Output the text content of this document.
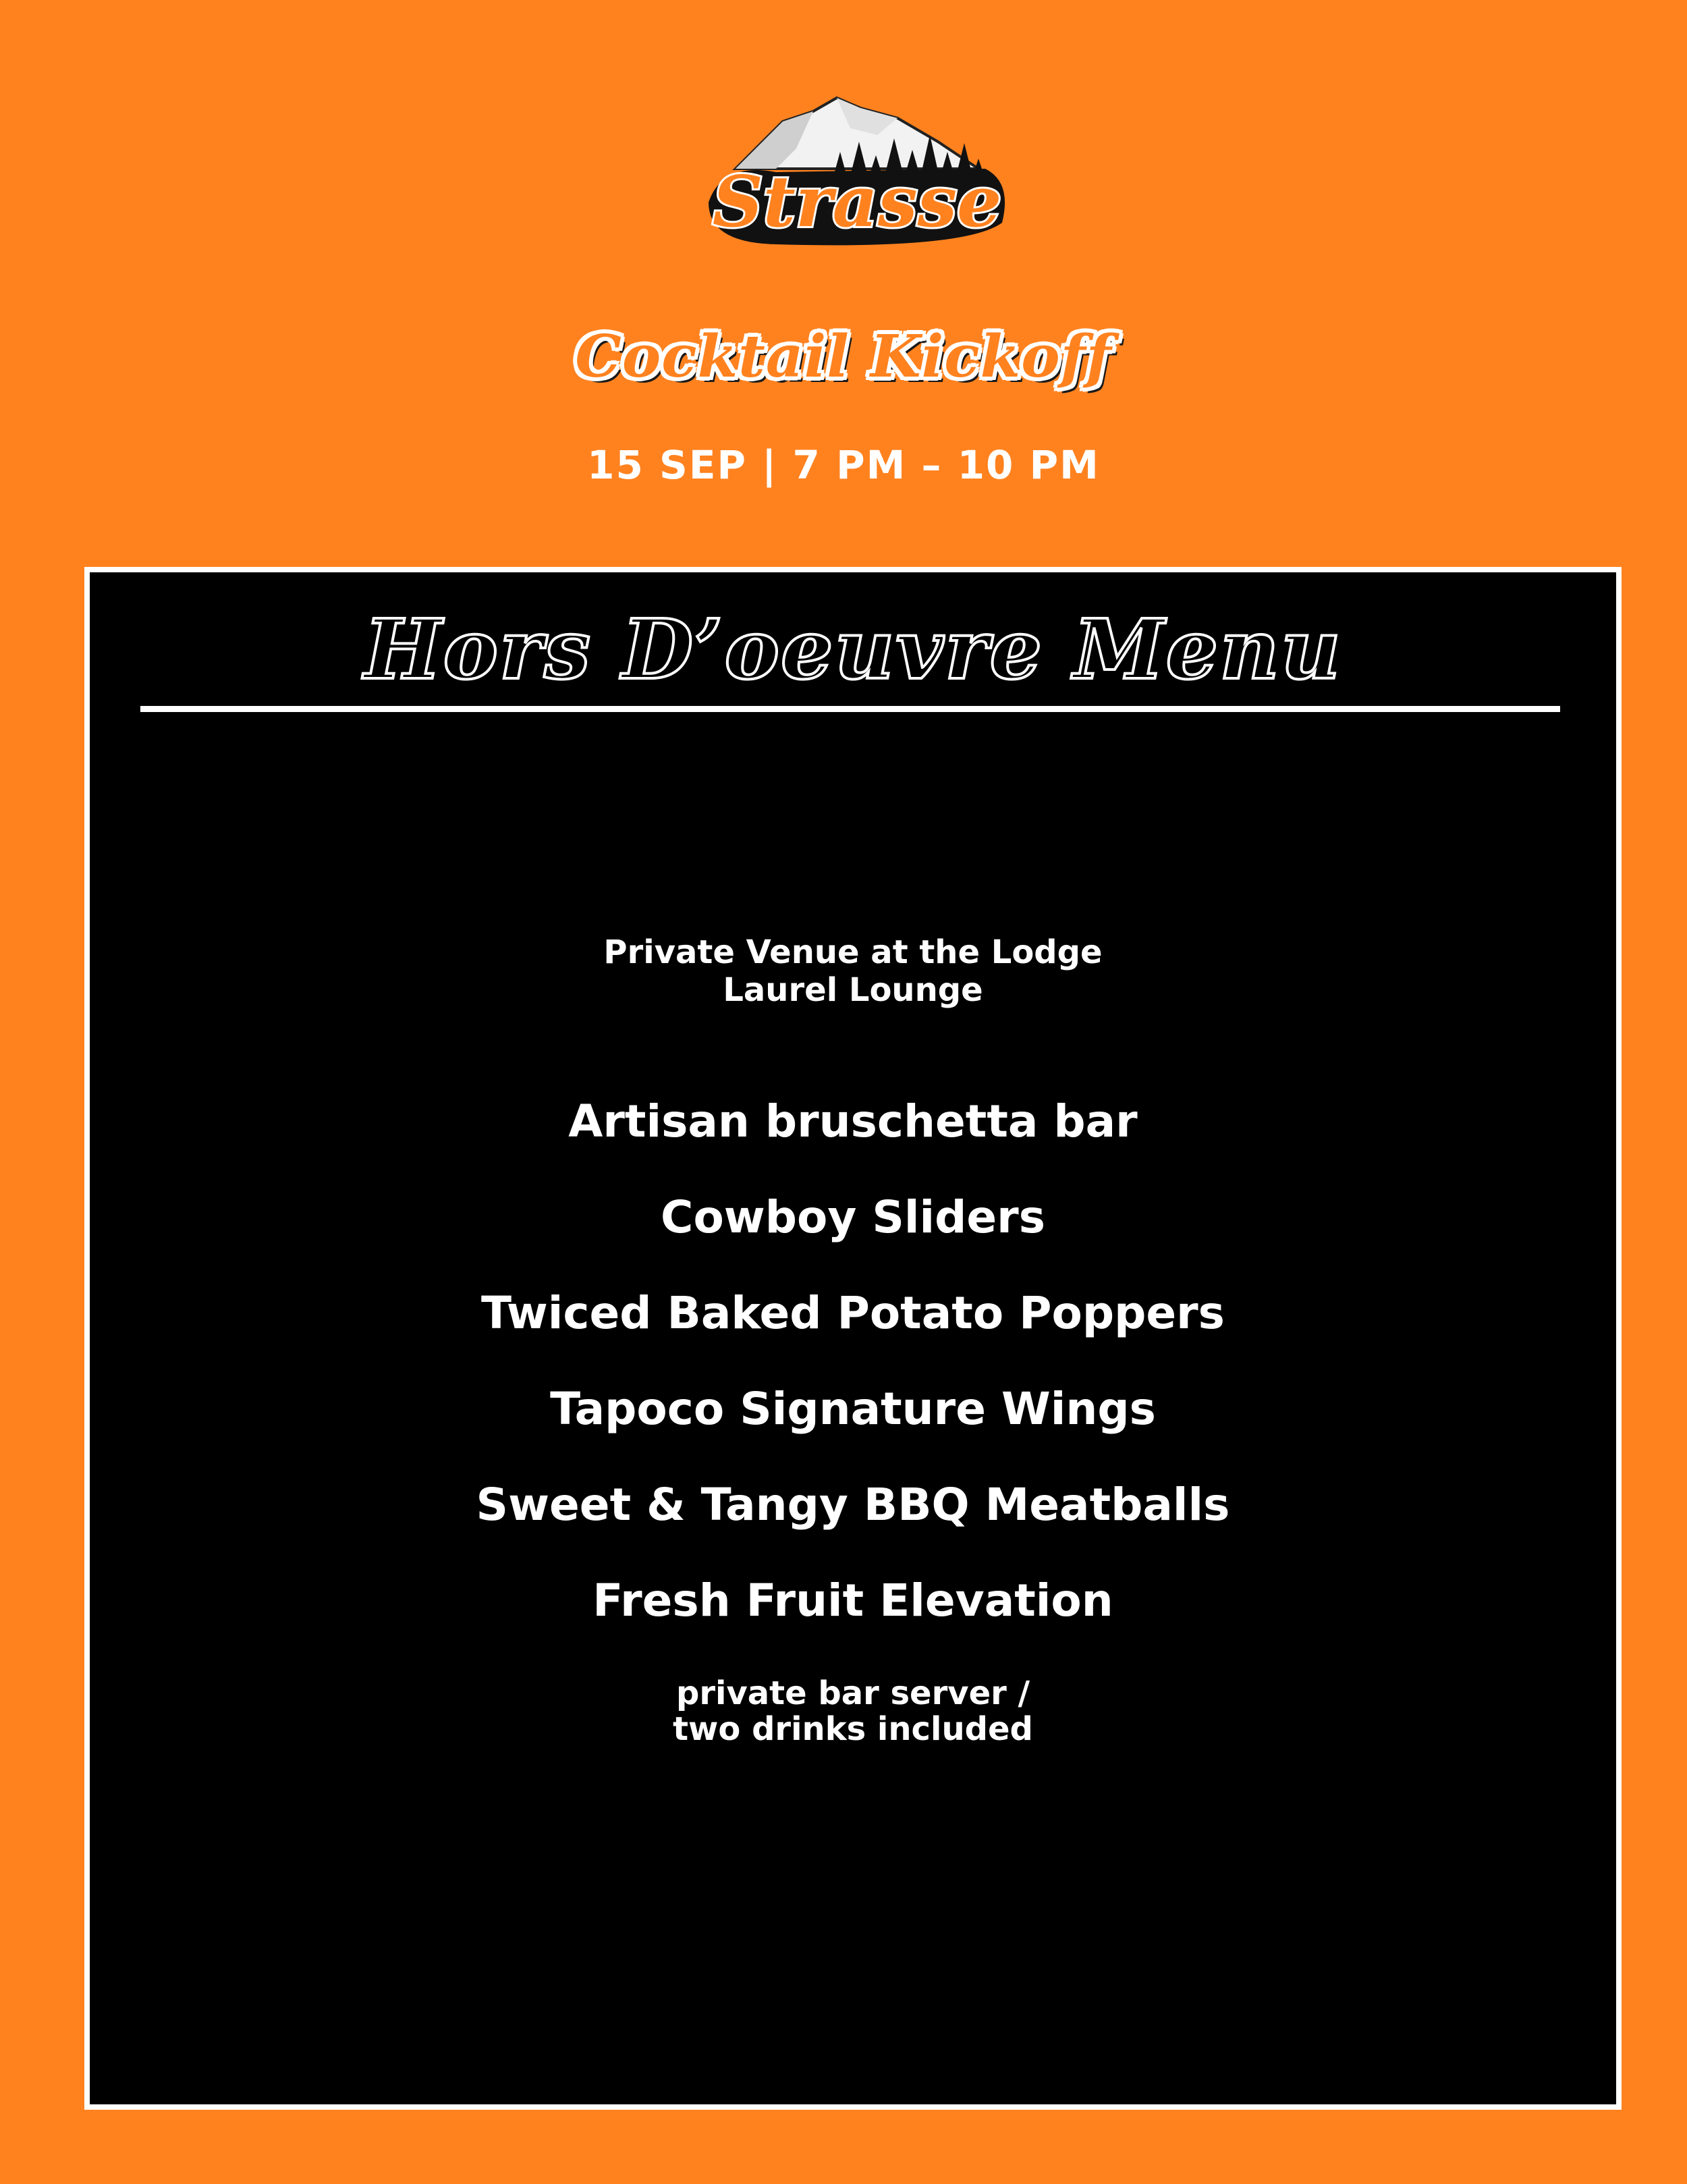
Strasse
Cocktail Kickoff
15 SEP | 7 PM – 10 PM
Hors D’oeuvre Menu
Private Venue at the Lodge
Laurel Lounge
Artisan bruschetta bar
Cowboy Sliders
Twiced Baked Potato Poppers
Tapoco Signature Wings
Sweet & Tangy BBQ Meatballs
Fresh Fruit Elevation
private bar server /
two drinks included
